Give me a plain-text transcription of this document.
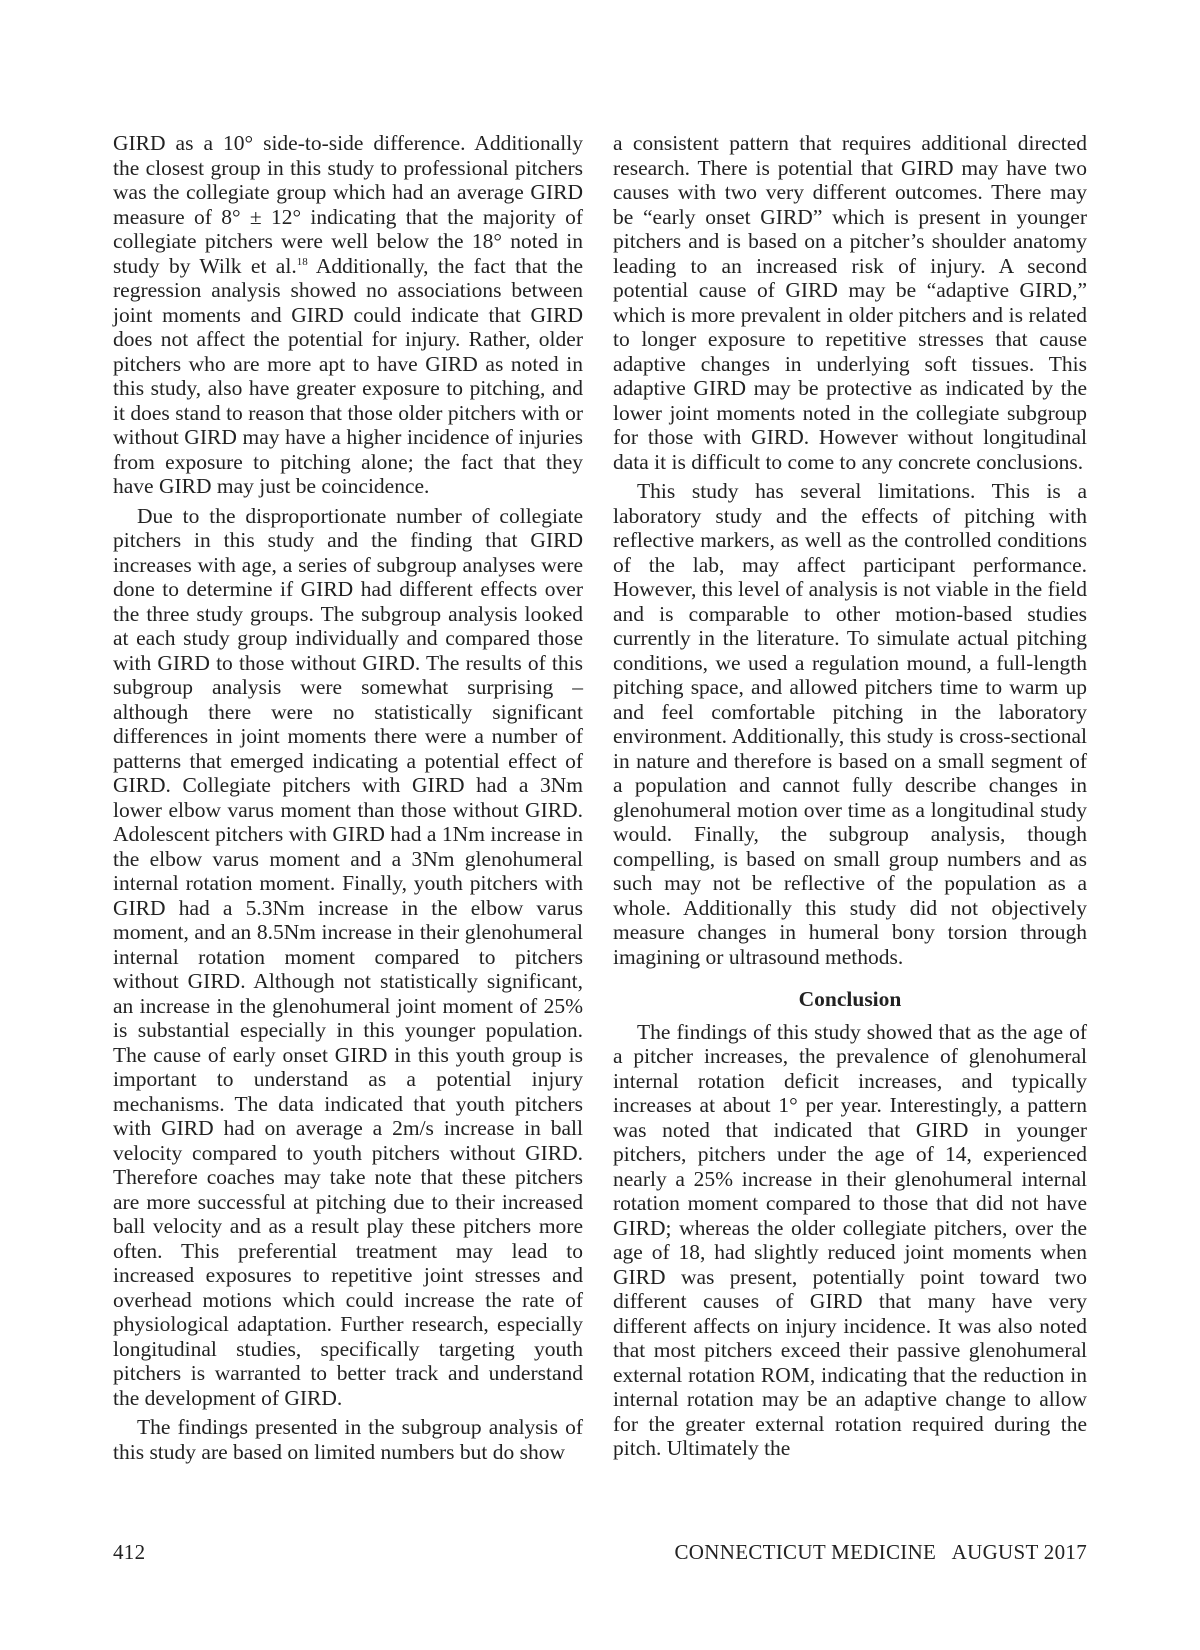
GIRD as a 10° side-to-side difference. Additionally the closest group in this study to professional pitchers was the collegiate group which had an average GIRD measure of 8° ± 12° indicating that the majority of collegiate pitchers were well below the 18° noted in study by Wilk et al.$^{18}$ Additionally, the fact that the regression analysis showed no associations between joint moments and GIRD could indicate that GIRD does not affect the potential for injury. Rather, older pitchers who are more apt to have GIRD as noted in this study, also have greater exposure to pitching, and it does stand to reason that those older pitchers with or without GIRD may have a higher incidence of injuries from exposure to pitching alone; the fact that they have GIRD may just be coincidence.

Due to the disproportionate number of collegiate pitchers in this study and the finding that GIRD increases with age, a series of subgroup analyses were done to determine if GIRD had different effects over the three study groups. The subgroup analysis looked at each study group individually and compared those with GIRD to those without GIRD. The results of this subgroup analysis were somewhat surprising – although there were no statistically significant differences in joint moments there were a number of patterns that emerged indicating a potential effect of GIRD. Collegiate pitchers with GIRD had a 3Nm lower elbow varus moment than those without GIRD. Adolescent pitchers with GIRD had a 1Nm increase in the elbow varus moment and a 3Nm glenohumeral internal rotation moment. Finally, youth pitchers with GIRD had a 5.3Nm increase in the elbow varus moment, and an 8.5Nm increase in their glenohumeral internal rotation moment compared to pitchers without GIRD. Although not statistically significant, an increase in the glenohumeral joint moment of 25% is substantial especially in this younger population. The cause of early onset GIRD in this youth group is important to understand as a potential injury mechanisms. The data indicated that youth pitchers with GIRD had on average a 2m/s increase in ball velocity compared to youth pitchers without GIRD. Therefore coaches may take note that these pitchers are more successful at pitching due to their increased ball velocity and as a result play these pitchers more often. This preferential treatment may lead to increased exposures to repetitive joint stresses and overhead motions which could increase the rate of physiological adaptation. Further research, especially longitudinal studies, specifically targeting youth pitchers is warranted to better track and understand the development of GIRD.

The findings presented in the subgroup analysis of this study are based on limited numbers but do show

a consistent pattern that requires additional directed research. There is potential that GIRD may have two causes with two very different outcomes. There may be “early onset GIRD” which is present in younger pitchers and is based on a pitcher’s shoulder anatomy leading to an increased risk of injury. A second potential cause of GIRD may be “adaptive GIRD,” which is more prevalent in older pitchers and is related to longer exposure to repetitive stresses that cause adaptive changes in underlying soft tissues. This adaptive GIRD may be protective as indicated by the lower joint moments noted in the collegiate subgroup for those with GIRD. However without longitudinal data it is difficult to come to any concrete conclusions.

This study has several limitations. This is a laboratory study and the effects of pitching with reflective markers, as well as the controlled conditions of the lab, may affect participant performance. However, this level of analysis is not viable in the field and is comparable to other motion-based studies currently in the literature. To simulate actual pitching conditions, we used a regulation mound, a full-length pitching space, and allowed pitchers time to warm up and feel comfortable pitching in the laboratory environment. Additionally, this study is cross-sectional in nature and therefore is based on a small segment of a population and cannot fully describe changes in glenohumeral motion over time as a longitudinal study would. Finally, the subgroup analysis, though compelling, is based on small group numbers and as such may not be reflective of the population as a whole. Additionally this study did not objectively measure changes in humeral bony torsion through imagining or ultrasound methods.

Conclusion

The findings of this study showed that as the age of a pitcher increases, the prevalence of glenohumeral internal rotation deficit increases, and typically increases at about 1° per year. Interestingly, a pattern was noted that indicated that GIRD in younger pitchers, pitchers under the age of 14, experienced nearly a 25% increase in their glenohumeral internal rotation moment compared to those that did not have GIRD; whereas the older collegiate pitchers, over the age of 18, had slightly reduced joint moments when GIRD was present, potentially point toward two different causes of GIRD that many have very different affects on injury incidence. It was also noted that most pitchers exceed their passive glenohumeral external rotation ROM, indicating that the reduction in internal rotation may be an adaptive change to allow for the greater external rotation required during the pitch. Ultimately the

412	CONNECTICUT MEDICINE   AUGUST 2017
